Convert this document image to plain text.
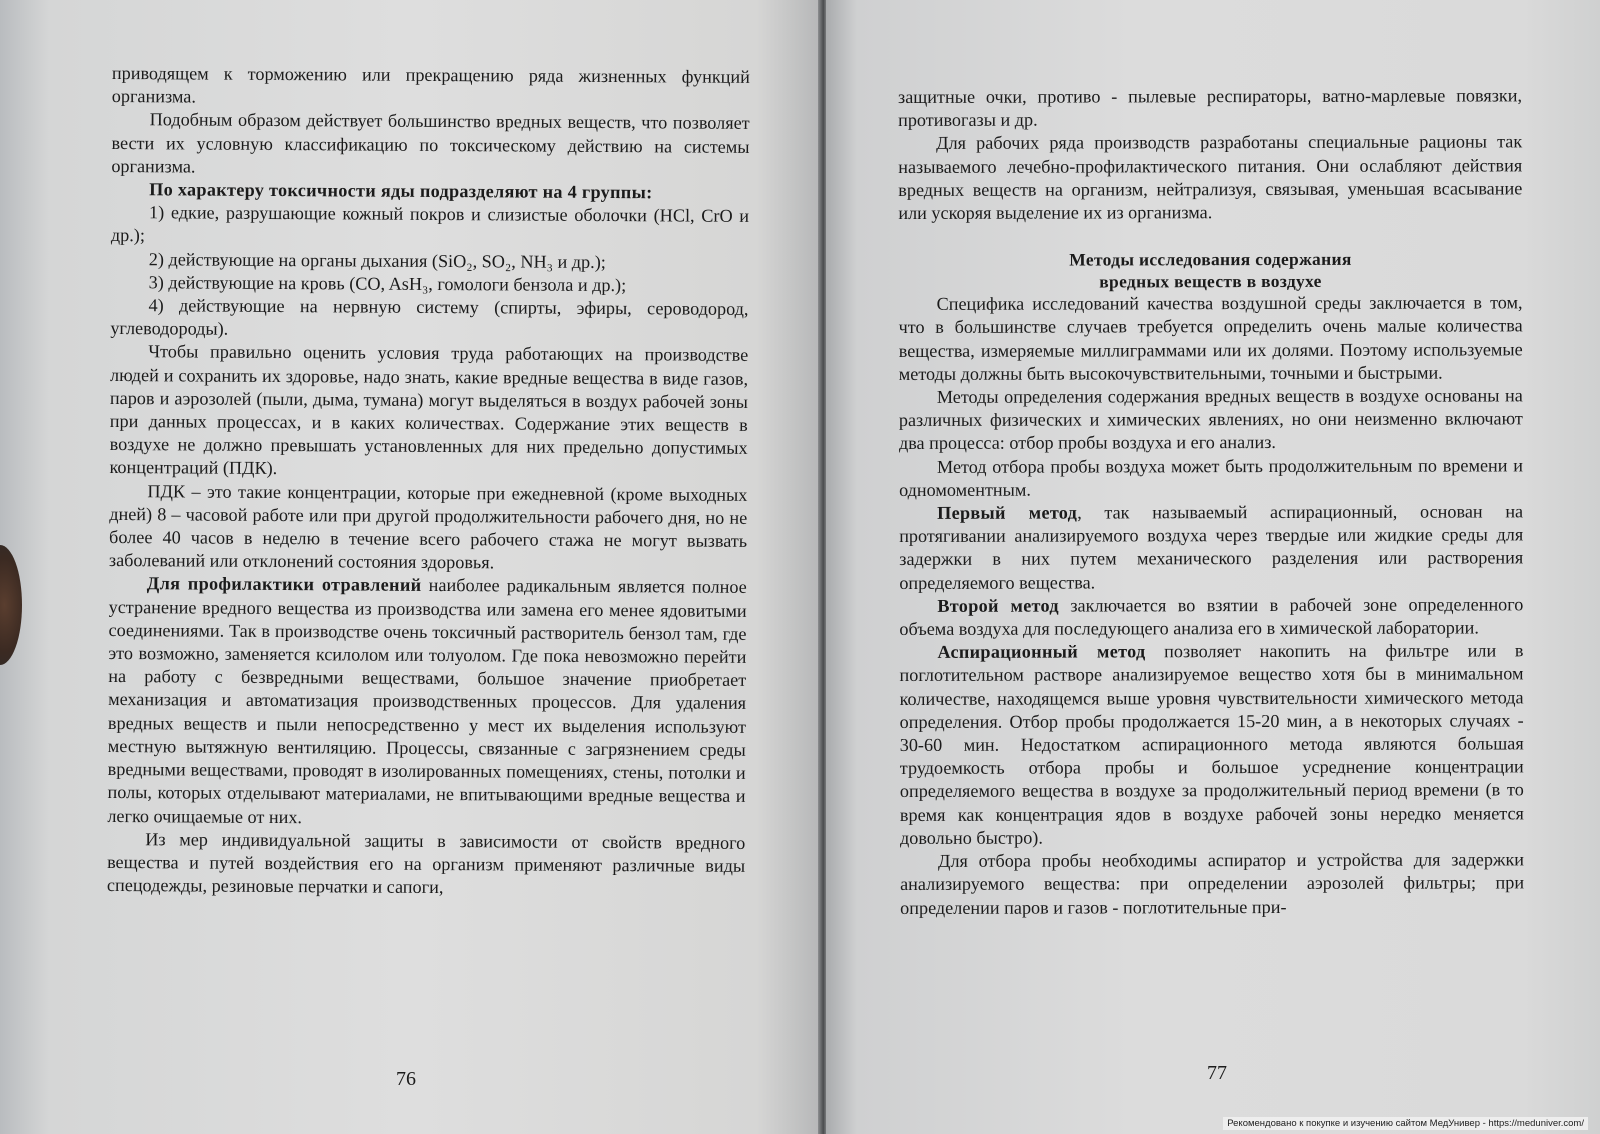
приводящем к торможению или прекращению ряда жизненных функций организма.

Подобным образом действует большинство вредных веществ, что позволяет вести их условную классификацию по токсическому действию на системы организма.

По характеру токсичности яды подразделяют на 4 группы:

1) едкие, разрушающие кожный покров и слизистые оболочки (HCl, CrO и др.);
2) действующие на органы дыхания (SiO₂, SO₂, NH₃ и др.);
3) действующие на кровь (CO, AsH₃, гомологи бензола и др.);
4) действующие на нервную систему (спирты, эфиры, сероводород, углеводороды).

Чтобы правильно оценить условия труда работающих на производстве людей и сохранить их здоровье, надо знать, какие вредные вещества в виде газов, паров и аэрозолей (пыли, дыма, тумана) могут выделяться в воздух рабочей зоны при данных процессах, и в каких количествах. Содержание этих веществ в воздухе не должно превышать установленных для них предельно допустимых концентраций (ПДК).

ПДК – это такие концентрации, которые при ежедневной (кроме выходных дней) 8 – часовой работе или при другой продолжительности рабочего дня, но не более 40 часов в неделю в течение всего рабочего стажа не могут вызвать заболеваний или отклонений состояния здоровья.

Для профилактики отравлений наиболее радикальным является полное устранение вредного вещества из производства или замена его менее ядовитыми соединениями. Так в производстве очень токсичный растворитель бензол там, где это возможно, заменяется ксилолом или толуолом. Где пока невозможно перейти на работу с безвредными веществами, большое значение приобретает механизация и автоматизация производственных процессов. Для удаления вредных веществ и пыли непосредственно у мест их выделения используют местную вытяжную вентиляцию. Процессы, связанные с загрязнением среды вредными веществами, проводят в изолированных помещениях, стены, потолки и полы, которых отделывают материалами, не впитывающими вредные вещества и легко очищаемые от них.

Из мер индивидуальной защиты в зависимости от свойств вредного вещества и путей воздействия его на организм применяют различные виды спецодежды, резиновые перчатки и сапоги,

76	77

защитные очки, противо - пылевые респираторы, ватно-марлевые повязки, противогазы и др.

Для рабочих ряда производств разработаны специальные рационы так называемого лечебно-профилактического питания. Они ослабляют действия вредных веществ на организм, нейтрализуя, связывая, уменьшая всасывание или ускоряя выделение их из организма.

Методы исследования содержания
вредных веществ в воздухе

Специфика исследований качества воздушной среды заключается в том, что в большинстве случаев требуется определить очень малые количества вещества, измеряемые миллиграммами или их долями. Поэтому используемые методы должны быть высокочувствительными, точными и быстрыми.

Методы определения содержания вредных веществ в воздухе основаны на различных физических и химических явлениях, но они неизменно включают два процесса: отбор пробы воздуха и его анализ.

Метод отбора пробы воздуха может быть продолжительным по времени и одномоментным.

Первый метод, так называемый аспирационный, основан на протягивании анализируемого воздуха через твердые или жидкие среды для задержки в них путем механического разделения или растворения определяемого вещества.

Второй метод заключается во взятии в рабочей зоне определенного объема воздуха для последующего анализа его в химической лаборатории.

Аспирационный метод позволяет накопить на фильтре или в поглотительном растворе анализируемое вещество хотя бы в минимальном количестве, находящемся выше уровня чувствительности химического метода определения. Отбор пробы продолжается 15-20 мин, а в некоторых случаях - 30-60 мин. Недостатком аспирационного метода являются большая трудоемкость отбора пробы и большое усреднение концентрации определяемого вещества в воздухе за продолжительный период времени (в то время как концентрация ядов в воздухе рабочей зоны нередко меняется довольно быстро).

Для отбора пробы необходимы аспиратор и устройства для задержки анализируемого вещества: при определении аэрозолей фильтры; при определении паров и газов - поглотительные при-

Рекомендовано к покупке и изучению сайтом МедУнивер - https://meduniver.com/
